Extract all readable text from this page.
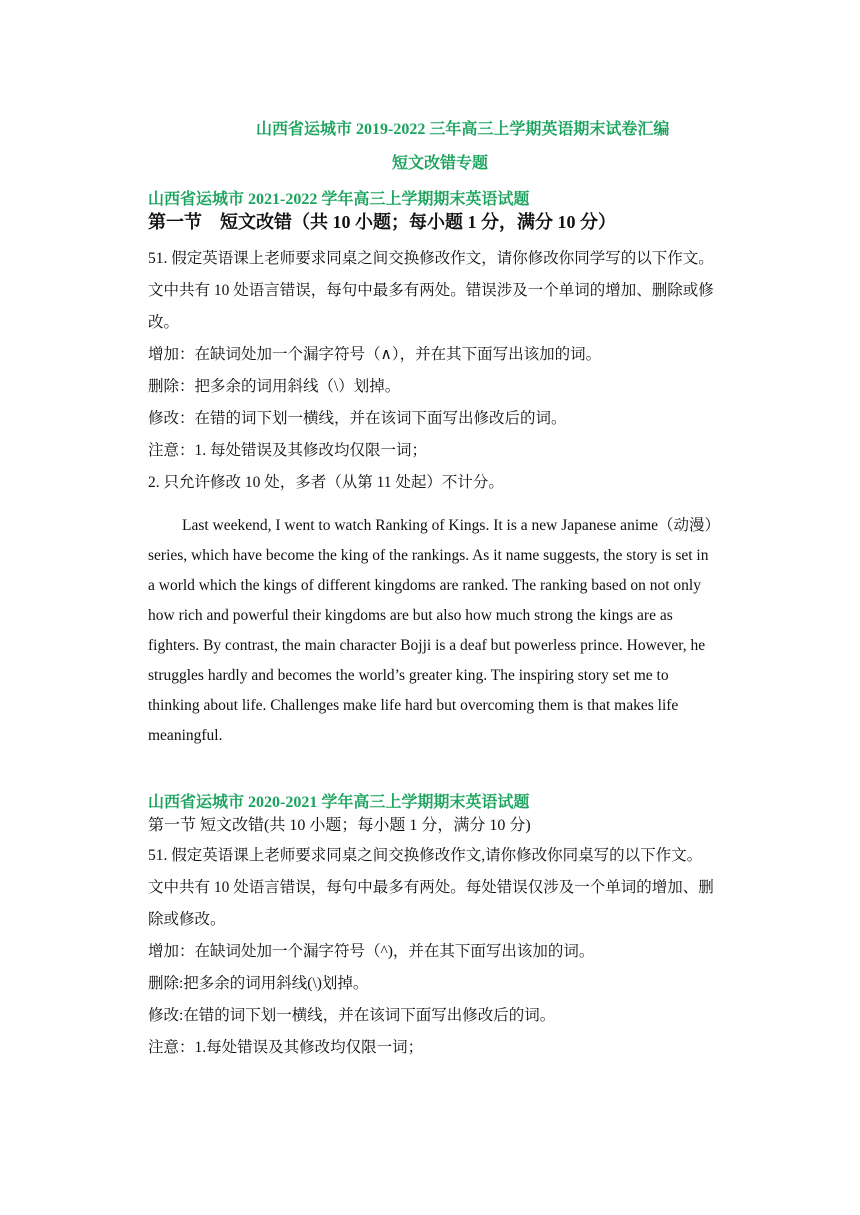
山西省运城市 2019-2022 三年高三上学期英语期末试卷汇编
短文改错专题
山西省运城市 2021-2022 学年高三上学期期末英语试题
第一节　短文改错（共 10 小题；每小题 1 分，满分 10 分）

51. 假定英语课上老师要求同桌之间交换修改作文，请你修改你同学写的以下作文。文中共有 10 处语言错误，每句中最多有两处。错误涉及一个单词的增加、删除或修改。

增加：在缺词处加一个漏字符号（∧），并在其下面写出该加的词。

删除：把多余的词用斜线（\）划掉。

修改：在错的词下划一横线，并在该词下面写出修改后的词。

注意：1. 每处错误及其修改均仅限一词；

2. 只允许修改 10 处，多者（从第 11 处起）不计分。

Last weekend, I went to watch Ranking of Kings. It is a new Japanese anime（动漫）series, which have become the king of the rankings. As it name suggests, the story is set in a world which the kings of different kingdoms are ranked. The ranking based on not only how rich and powerful their kingdoms are but also how much strong the kings are as fighters. By contrast, the main character Bojji is a deaf but powerless prince. However, he struggles hardly and becomes the world’s greater king. The inspiring story set me to thinking about life. Challenges make life hard but overcoming them is that makes life meaningful.

山西省运城市 2020-2021 学年高三上学期期末英语试题
第一节 短文改错(共 10 小题；每小题 1 分，满分 10 分)

51. 假定英语课上老师要求同桌之间交换修改作文,请你修改你同桌写的以下作文。文中共有 10 处语言错误，每句中最多有两处。每处错误仅涉及一个单词的增加、删除或修改。

增加：在缺词处加一个漏字符号（^)，并在其下面写出该加的词。

删除:把多余的词用斜线(\)划掉。

修改:在错的词下划一横线，并在该词下面写出修改后的词。

注意：1.每处错误及其修改均仅限一词；
